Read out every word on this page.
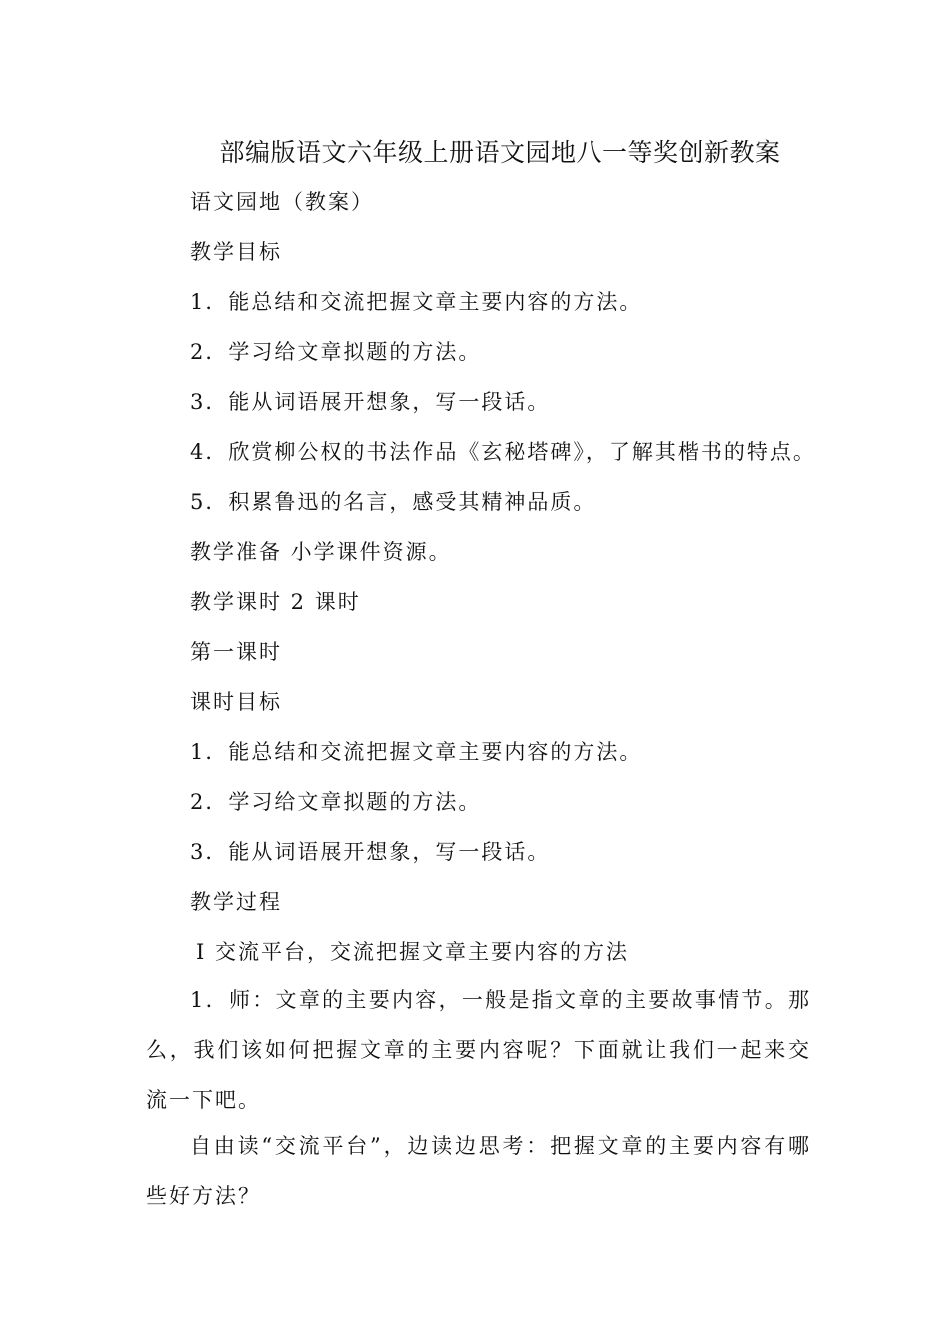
部编版语文六年级上册语文园地八一等奖创新教案
语文园地（教案）
教学目标
1．能总结和交流把握文章主要内容的方法。
2．学习给文章拟题的方法。
3．能从词语展开想象，写一段话。
4．欣赏柳公权的书法作品《玄秘塔碑》，了解其楷书的特点。
5．积累鲁迅的名言，感受其精神品质。
教学准备 小学课件资源。
教学课时 2 课时
第一课时
课时目标
1．能总结和交流把握文章主要内容的方法。
2．学习给文章拟题的方法。
3．能从词语展开想象，写一段话。
教学过程
Ⅰ 交流平台，交流把握文章主要内容的方法
1．师：文章的主要内容，一般是指文章的主要故事情节。那么，我们该如何把握文章的主要内容呢？下面就让我们一起来交流一下吧。
自由读“交流平台”，边读边思考：把握文章的主要内容有哪些好方法？
